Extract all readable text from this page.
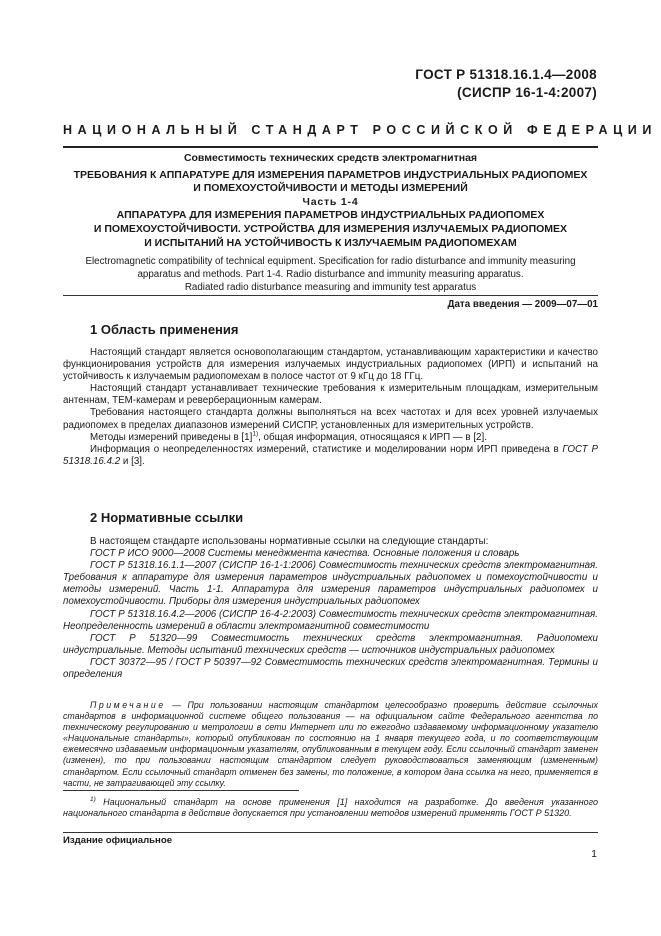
ГОСТ Р 51318.16.1.4—2008
(СИСПР 16-1-4:2007)
НАЦИОНАЛЬНЫЙ СТАНДАРТ РОССИЙСКОЙ ФЕДЕРАЦИИ
Совместимость технических средств электромагнитная
ТРЕБОВАНИЯ К АППАРАТУРЕ ДЛЯ ИЗМЕРЕНИЯ ПАРАМЕТРОВ ИНДУСТРИАЛЬНЫХ РАДИОПОМЕХ
И ПОМЕХОУСТОЙЧИВОСТИ И МЕТОДЫ ИЗМЕРЕНИЙ
Часть 1-4
АППАРАТУРА ДЛЯ ИЗМЕРЕНИЯ ПАРАМЕТРОВ ИНДУСТРИАЛЬНЫХ РАДИОПОМЕХ
И ПОМЕХОУСТОЙЧИВОСТИ. УСТРОЙСТВА ДЛЯ ИЗМЕРЕНИЯ ИЗЛУЧАЕМЫХ РАДИОПОМЕХ
И ИСПЫТАНИЙ НА УСТОЙЧИВОСТЬ К ИЗЛУЧАЕМЫМ РАДИОПОМЕХАМ
Electromagnetic compatibility of technical equipment. Specification for radio disturbance and immunity measuring
apparatus and methods. Part 1-4. Radio disturbance and immunity measuring apparatus.
Radiated radio disturbance measuring and immunity test apparatus
Дата введения — 2009—07—01
1 Область применения

Настоящий стандарт является основополагающим стандартом, устанавливающим характеристики и качество функционирования устройств для измерения излучаемых индустриальных радиопомех (ИРП) и испытаний на устойчивость к излучаемым радиопомехам в полосе частот от 9 кГц до 18 ГГц.

Настоящий стандарт устанавливает технические требования к измерительным площадкам, измерительным антеннам, ТЕМ-камерам и реверберационным камерам.

Требования настоящего стандарта должны выполняться на всех частотах и для всех уровней излучаемых радиопомех в пределах диапазонов измерений СИСПР, установленных для измерительных устройств.

Методы измерений приведены в $[1]^{1)}$, общая информация, относящаяся к ИРП — в [2].

Информация о неопределенностях измерений, статистике и моделировании норм ИРП приведена в ГОСТ Р 51318.16.4.2 и [3].

2 Нормативные ссылки

В настоящем стандарте использованы нормативные ссылки на следующие стандарты:

ГОСТ Р ИСО 9000—2008 Системы менеджмента качества. Основные положения и словарь

ГОСТ Р 51318.16.1.1—2007 (СИСПР 16-1-1:2006) Совместимость технических средств электромагнитная. Требования к аппаратуре для измерения параметров индустриальных радиопомех и помехоустойчивости и методы измерений. Часть 1-1. Аппаратура для измерения параметров индустриальных радиопомех и помехоустойчивости. Приборы для измерения индустриальных радиопомех

ГОСТ Р 51318.16.4.2—2006 (СИСПР 16-4-2:2003) Совместимость технических средств электромагнитная. Неопределенность измерений в области электромагнитной совместимости

ГОСТ Р 51320—99 Совместимость технических средств электромагнитная. Радиопомехи индустриальные. Методы испытаний технических средств — источников индустриальных радиопомех

ГОСТ 30372—95 / ГОСТ Р 50397—92 Совместимость технических средств электромагнитная. Термины и определения

Примечание — При пользовании настоящим стандартом целесообразно проверить действие ссылочных стандартов в информационной системе общего пользования — на официальном сайте Федерального агентства по техническому регулированию и метрологии в сети Интернет или по ежегодно издаваемому информационному указателю «Национальные стандарты», который опубликован по состоянию на 1 января текущего года, и по соответствующим ежемесячно издаваемым информационным указателям, опубликованным в текущем году. Если ссылочный стандарт заменен (изменен), то при пользовании настоящим стандартом следует руководствоваться заменяющим (измененным) стандартом. Если ссылочный стандарт отменен без замены, то положение, в котором дана ссылка на него, применяется в части, не затрагивающей эту ссылку.

$^{1)}$ Национальный стандарт на основе применения [1] находится на разработке. До введения указанного национального стандарта в действие допускается при установлении методов измерений применять ГОСТ Р 51320.

Издание официальное
1
